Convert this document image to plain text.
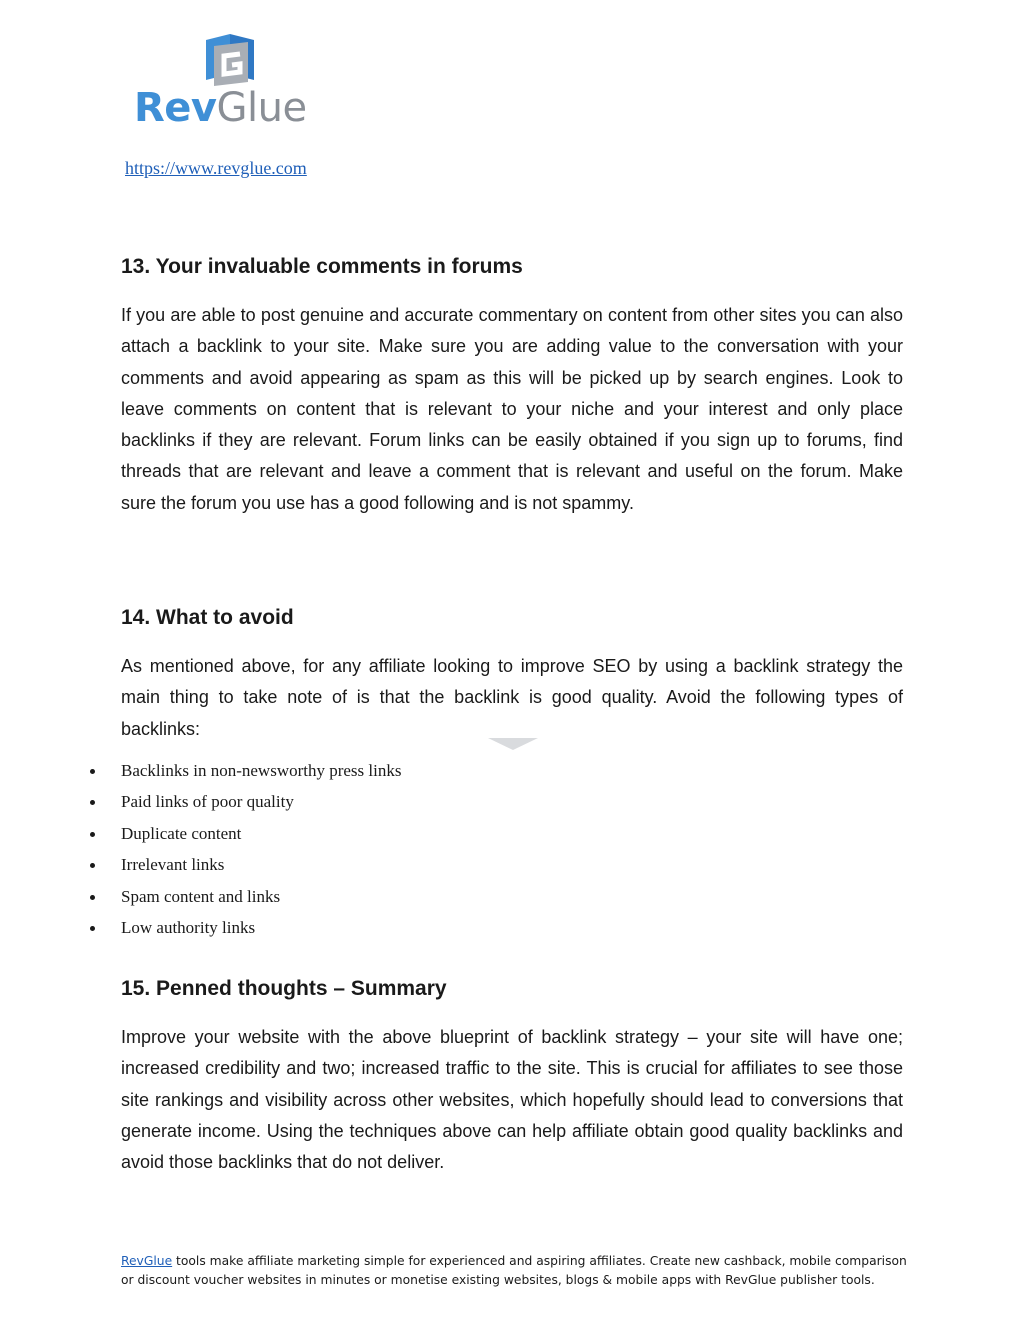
RevGlue
https://www.revglue.com
13. Your invaluable comments in forums

If you are able to post genuine and accurate commentary on content from other sites you can also attach a backlink to your site. Make sure you are adding value to the conversation with your comments and avoid appearing as spam as this will be picked up by search engines. Look to leave comments on content that is relevant to your niche and your interest and only place backlinks if they are relevant. Forum links can be easily obtained if you sign up to forums, find threads that are relevant and leave a comment that is relevant and useful on the forum. Make sure the forum you use has a good following and is not spammy.

14. What to avoid

As mentioned above, for any affiliate looking to improve SEO by using a backlink strategy the main thing to take note of is that the backlink is good quality. Avoid the following types of backlinks:

Backlinks in non-newsworthy press links
Paid links of poor quality
Duplicate content
Irrelevant links
Spam content and links
Low authority links
15. Penned thoughts – Summary

Improve your website with the above blueprint of backlink strategy – your site will have one; increased credibility and two; increased traffic to the site. This is crucial for affiliates to see those site rankings and visibility across other websites, which hopefully should lead to conversions that generate income. Using the techniques above can help affiliate obtain good quality backlinks and avoid those backlinks that do not deliver.

RevGlue tools make affiliate marketing simple for experienced and aspiring affiliates. Create new cashback, mobile comparison or discount voucher websites in minutes or monetise existing websites, blogs & mobile apps with RevGlue publisher tools.
